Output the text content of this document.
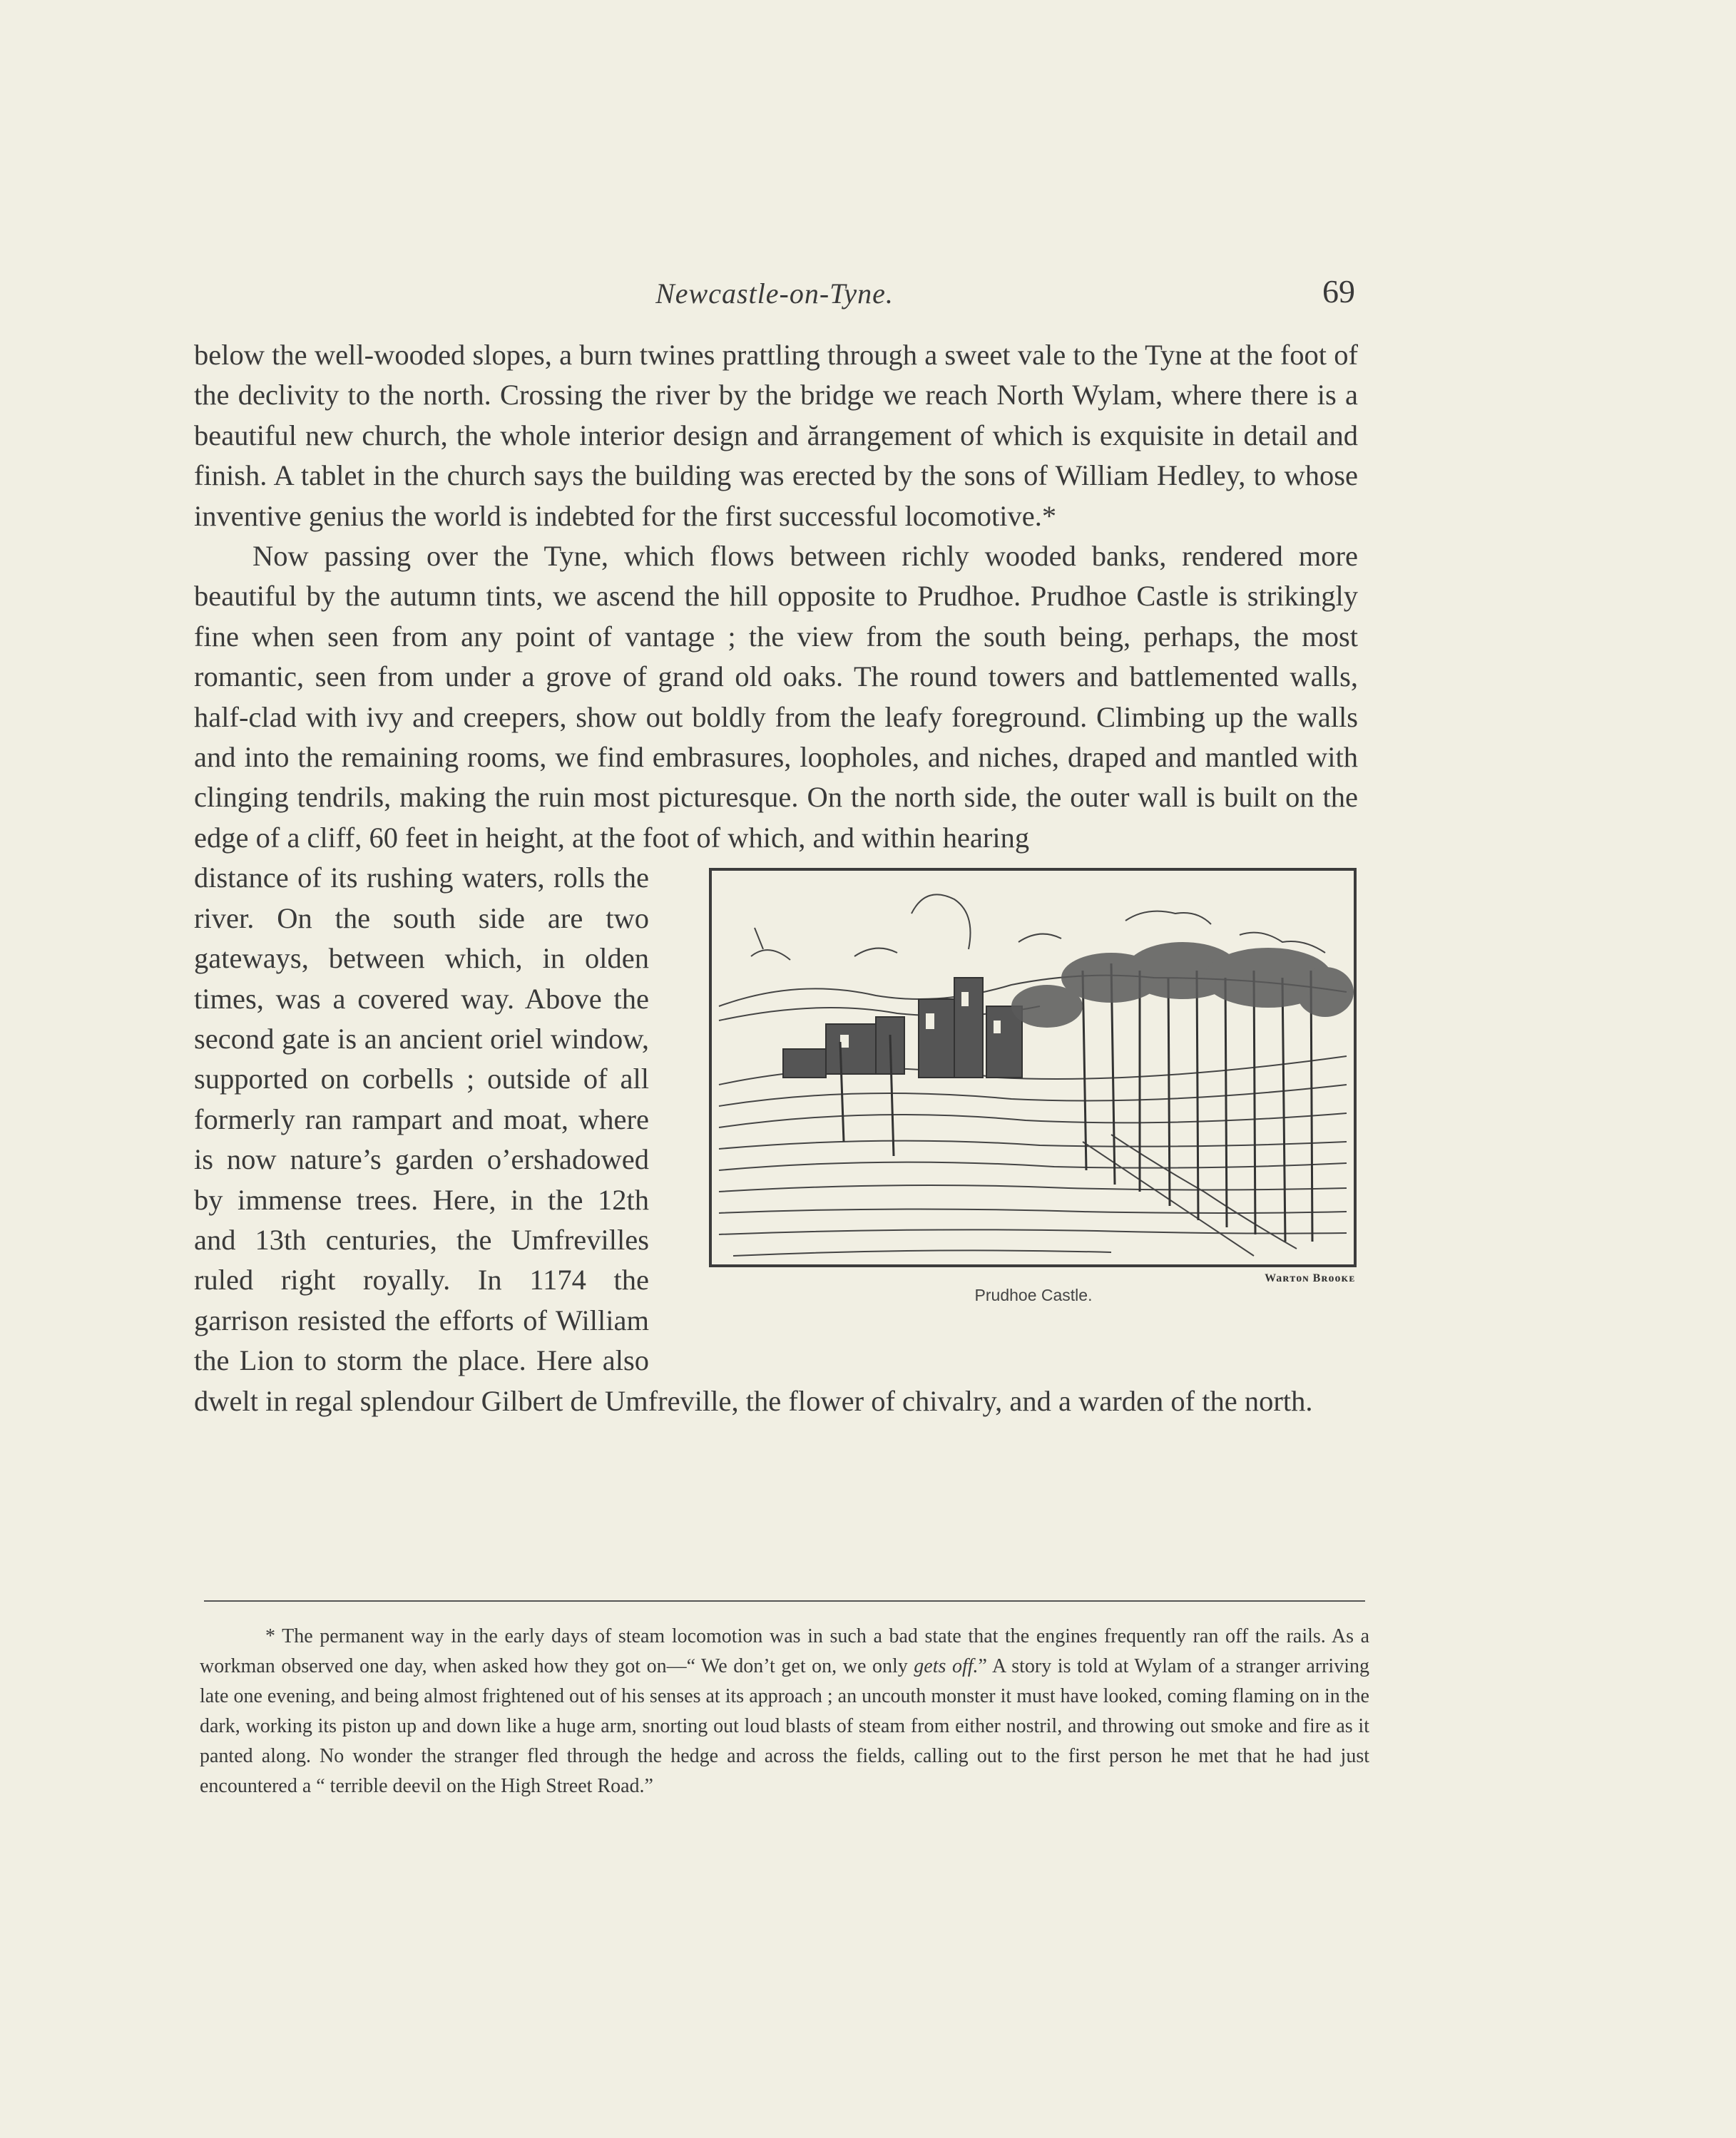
Newcastle-on-Tyne.	69

below the well-wooded slopes, a burn twines prattling through a sweet vale to the Tyne at the foot of the declivity to the north. Crossing the river by the bridge we reach North Wylam, where there is a beautiful new church, the whole interior design and ărrangement of which is exquisite in detail and finish. A tablet in the church says the building was erected by the sons of William Hedley, to whose inventive genius the world is indebted for the first successful locomotive.*

Now passing over the Tyne, which flows between richly wooded banks, rendered more beautiful by the autumn tints, we ascend the hill opposite to Prudhoe. Prudhoe Castle is strikingly fine when seen from any point of vantage ; the view from the south being, perhaps, the most romantic, seen from under a grove of grand old oaks. The round towers and battlemented walls, half-clad with ivy and creepers, show out boldly from the leafy foreground. Climbing up the walls and into the remaining rooms, we find embrasures, loopholes, and niches, draped and mantled with clinging tendrils, making the ruin most picturesque. On the north side, the outer wall is built on the edge of a cliff, 60 feet in height, at the foot of which, and within hearing

Waʀᴛᴏɴ Bʀᴏᴏᴋᴇ
Prudhoe Castle.

distance of its rushing waters, rolls the river. On the south side are two gateways, between which, in olden times, was a covered way. Above the second gate is an ancient oriel window, supported on corbells ; outside of all formerly ran rampart and moat, where is now nature’s garden o’ershadowed by immense trees. Here, in the 12th and 13th centuries, the Umfrevilles ruled right royally. In 1174 the garrison resisted the efforts of William the Lion to storm the place. Here also dwelt in regal splendour Gilbert de Umfreville, the flower of chivalry, and a warden of the north.

* The permanent way in the early days of steam locomotion was in such a bad state that the engines frequently ran off the rails. As a workman observed one day, when asked how they got on—“ We don’t get on, we only gets off.” A story is told at Wylam of a stranger arriving late one evening, and being almost frightened out of his senses at its approach ; an uncouth monster it must have looked, coming flaming on in the dark, working its piston up and down like a huge arm, snorting out loud blasts of steam from either nostril, and throwing out smoke and fire as it panted along. No wonder the stranger fled through the hedge and across the fields, calling out to the first person he met that he had just encountered a “ terrible deevil on the High Street Road.”
